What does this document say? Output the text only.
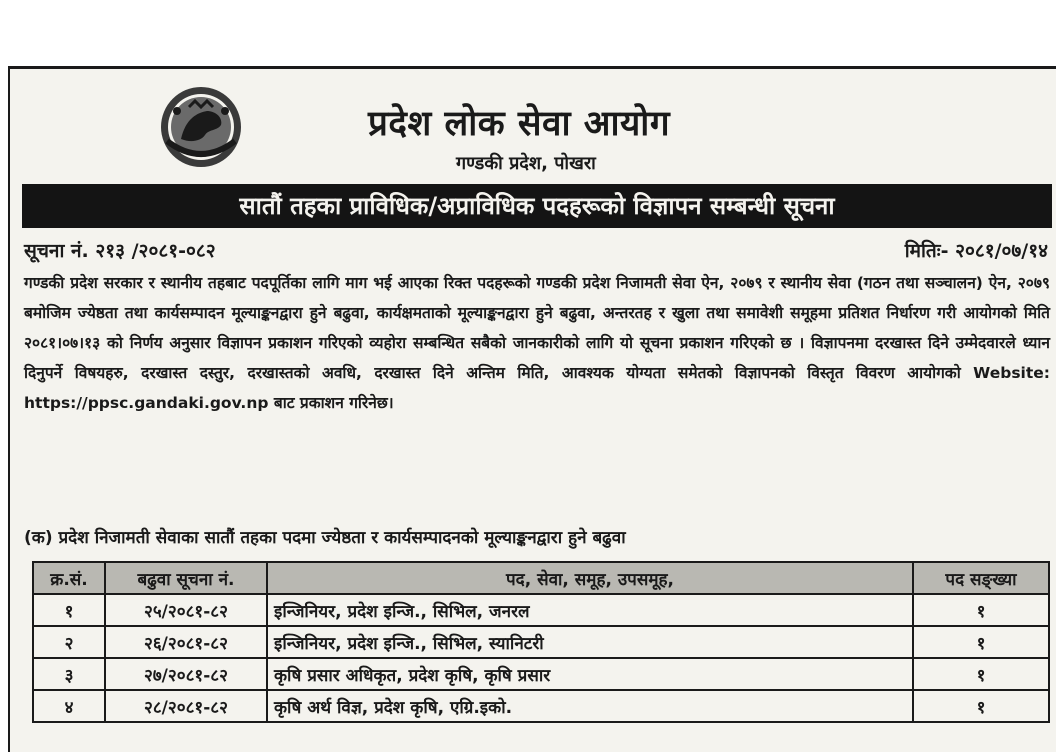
प्रदेश लोक सेवा आयोग
गण्डकी प्रदेश, पोखरा
सातौं तहका प्राविधिक/अप्राविधिक पदहरूको विज्ञापन सम्बन्धी सूचना
सूचना नं. २१३ /२०८१-०८२	मितिः- २०८१/०७/१४
गण्डकी प्रदेश सरकार र स्थानीय तहबाट पदपूर्तिका लागि माग भई आएका रिक्त पदहरूको गण्डकी प्रदेश निजामती सेवा ऐन, २०७९ र स्थानीय सेवा (गठन तथा सञ्चालन) ऐन, २०७९ बमोजिम ज्येष्ठता तथा कार्यसम्पादन मूल्याङ्कनद्वारा हुने बढुवा, कार्यक्षमताको मूल्याङ्कनद्वारा हुने बढुवा, अन्तरतह र खुला तथा समावेशी समूहमा प्रतिशत निर्धारण गरी आयोगको मिति २०८१।०७।१३ को निर्णय अनुसार विज्ञापन प्रकाशन गरिएको व्यहोरा सम्बन्धित सबैको जानकारीको लागि यो सूचना प्रकाशन गरिएको छ । विज्ञापनमा दरखास्त दिने उम्मेदवारले ध्यान दिनुपर्ने विषयहरु, दरखास्त दस्तुर, दरखास्तको अवधि, दरखास्त दिने अन्तिम मिति, आवश्यक योग्यता समेतको विज्ञापनको विस्तृत विवरण आयोगको Website: https://ppsc.gandaki.gov.np बाट प्रकाशन गरिनेछ।
(क) प्रदेश निजामती सेवाका सातौं तहका पदमा ज्येष्ठता र कार्यसम्पादनको मूल्याङ्कनद्वारा हुने बढुवा
क्र.सं.	बढुवा सूचना नं.	पद, सेवा, समूह, उपसमूह,	पद सङ्ख्या
१	२५/२०८१-८२	इन्जिनियर, प्रदेश इन्जि., सिभिल, जनरल	१
२	२६/२०८१-८२	इन्जिनियर, प्रदेश इन्जि., सिभिल, स्यानिटरी	१
३	२७/२०८१-८२	कृषि प्रसार अधिकृत, प्रदेश कृषि, कृषि प्रसार	१
४	२८/२०८१-८२	कृषि अर्थ विज्ञ, प्रदेश कृषि, एग्रि.इको.	१
